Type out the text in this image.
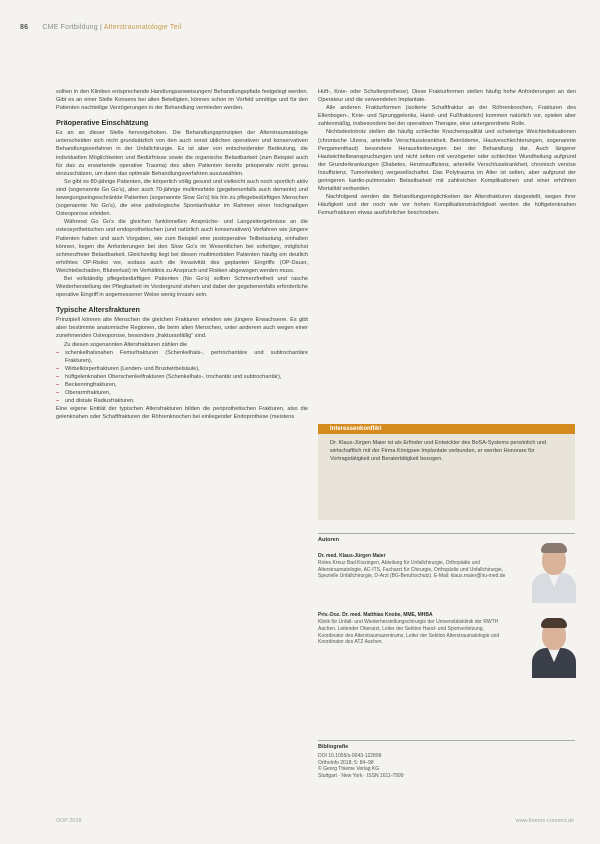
86 CME Fortbildung | Alterstraumatologie Teil

sollten in den Kliniken entsprechende Handlungsanweisungen/ Behandlungspfade festgelegt werden. Gibt es an einer Stelle Konsens bei allen Beteiligten, können schon im Vorfeld unnötige und für den Patienten nachteilige Verzögerungen in der Behandlung vermieden werden.

Präoperative Einschätzung

Es an an dieser Stelle hervorgehoben. Die Behandlungsprinzipien der Alterstraumatologie unterscheiden sich nicht grundsätzlich von den auch sonst üblichen operativen und konservativen Behandlungsverfahren in der Unfallchirurgie. Es ist aber von entscheidender Bedeutung, die individuellen Möglichkeiten und Bedürfnisse sowie die organische Belastbarkeit (zum Beispiel auch für das zu erwartende operative Trauma) des alten Patienten bereits präoperativ nicht genau einzuschätzen, um dann das optimale Behandlungsverfahren auszuwählen.

So gibt es 80-jährige Patienten, die körperlich völlig gesund und vielleicht auch noch sportlich aktiv sind (sogenannte Go Go's), aber auch 70-jährige multimorbide (gegebenenfalls auch demente) und bewegungseingeschränkte Patienten (sogenannte Slow Go's) bis hin zu pflegebedürftigen Menschen (sogenannte No Go's), die eine pathologische Spontanfraktur im Rahmen einer hochgradigen Osteoporose erleiden.

Während Go Go's die gleichen funktionellen Ansprüche- und Langzeitergebnisse an die osteosynthetischen und endoprothetischen (und natürlich auch konservativen) Verfahren wie jüngere Patienten haben und auch Vorgaben, wie zum Beispiel eine postoperative Teilbelastung, einhalten können, liegen die Anforderungen bei den Slow Go's im Wesentlichen bei sofortiger, möglichst schmerzfreier Belastbarkeit. Gleichzeitig liegt bei diesen multimorbiden Patienten häufig ein deutlich erhöhtes OP-Risiko vor, sodass auch die Invasivität des geplanten Eingriffs (OP-Dauer, Weichteilschaden, Blutverlust) im Verhältnis zu Anspruch und Risiken abgewogen werden muss.

Bei vollständig pflegebedürftigen Patienten (No Go's) sollten Schmerzfreiheit und rasche Wiederherstellung der Pflegbarkeit im Vordergrund stehen und dabei der gegebenenfalls erforderliche operative Eingriff in angemessener Weise wenig invasiv sein.

Typische Altersfrakturen

Prinzipiell können alte Menschen die gleichen Frakturen erleiden wie jüngere Erwachsene. Es gibt aber bestimmte anatomische Regionen, die beim alten Menschen, unter anderem auch wegen einer zunehmenden Osteoporose, besonders „frakturanfällig“ sind.

Zu diesen sogenannten Altersfrakturen zählen die

– schenkelhalsnahen Femurfrakturen (Schenkelhals-, pertrochantäre und subtrochantäre Frakturen),
– Wirbelkörperfrakturen (Lenden- und Brustwirbelsäule),
– hüftgelenknahen Oberschenkelfrakturen (Schenkelhals-, trochantär und subtrochantär),
– Beckenringfrakturen,
– Oberarmfrakturen,
– und distale Radiusfrakturen.

Eine eigene Entität der typischen Altersfrakturen bilden die periprothetischen Frakturen, also die gelenknahen oder Schaftfrakturen der Röhrenknochen bei einliegender Endoprothese (meistens

Hüft-, Knie- oder Schulterprothese). Diese Frakturformen stellen häufig hohe Anforderungen an den Operateur und die verwendeten Implantate.

Alle anderen Frakturformen (isolierte Schaftfraktur an der Röhrenknochen, Frakturen des Ellenbogen-, Knie- und Sprunggelenks, Hand- und Fußfrakturen) kommen natürlich vor, spielen aber zahlenmäßig, insbesondere bei der operativen Therapie, eine untergeordnete Rolle.

Nichtsdestotrotz stellen die häufig schlechte Knochenqualität und schwierige Weichteilsituationen (chronische Ulzera, arterielle Verschlusskrankheit, Beinödeme, Hautveschlechterungen, sogenannte Pergamenthaut) besondere Herausforderungen bei der Behandlung dar. Auch längerer Hautwichtelbeanspruchungen und nicht selten mit verzögerter oder schlechter Wundheilung aufgrund der Grunderkrankungen (Diabetes, Herzinsuffizienz, arterielle Verschlusskrankheit, chronisch venöse Insuffizienz, Tumorleiden) vergesellschaftet. Das Polytrauma im Alter ist selten, aber aufgrund der geringeren kardio-pulmonalen Belastbarkeit mit zahlreichen Komplikationen und einer erhöhten Mortalität verbunden.

Nachfolgend werden die Behandlungsmöglichkeiten der Altersfrakturen dargestellt, wegen ihrer Häufigkeit und der noch wie vor hohen Komplikationsträchtigkeit werden die hüftgelenknahen Femurfrakturen etwas ausführlicher beschrieben.

Interessenkonflikt
Dr. Klaus-Jürgen Maier ist als Erfinder und Entwickler des BoSA-Systems persönlich und wirtschaftlich mit der Firma Königsee Implantate verbunden, er werden Honorare für Vortragstätigkeit und Beratertätigkeit bezogen.
Autoren
Dr. med. Klaus-Jürgen Maier
Rotes Kreuz Bad Kissingen, Abteilung für Unfallchirurgie, Orthopädie und Alterstraumatologie, AC-ITS, Facharzt für Chirurgie, Orthopädie und Unfallchirurgie, Spezielle Unfallchirurgie, D-Arzt (BG-Berufsschutz). E-Mail: klaus.maier@lru-med.de
Priv.-Doz. Dr. med. Matthias Knobe, MME, MHBA
Klinik für Unfall- und Wiederherstellungschirurgie der Universitätsklinik der RWTH Aachen. Leitender Oberarzt, Leiter der Sektion Hand- und Sportverletzung, Koordinator des Alterstraumazentrums, Leiter der Sektion Alterstraumatologie und Koordinator des ATZ Aachen.
Bibliografie
DOI 10.1055/s-0043-122899
OrthoInfo 2018; 5: 84–98
© Georg Thieme Verlag KG
Stuttgart · New York · ISSN 1611-7999
OUP 2018	www.thieme-connect.de
